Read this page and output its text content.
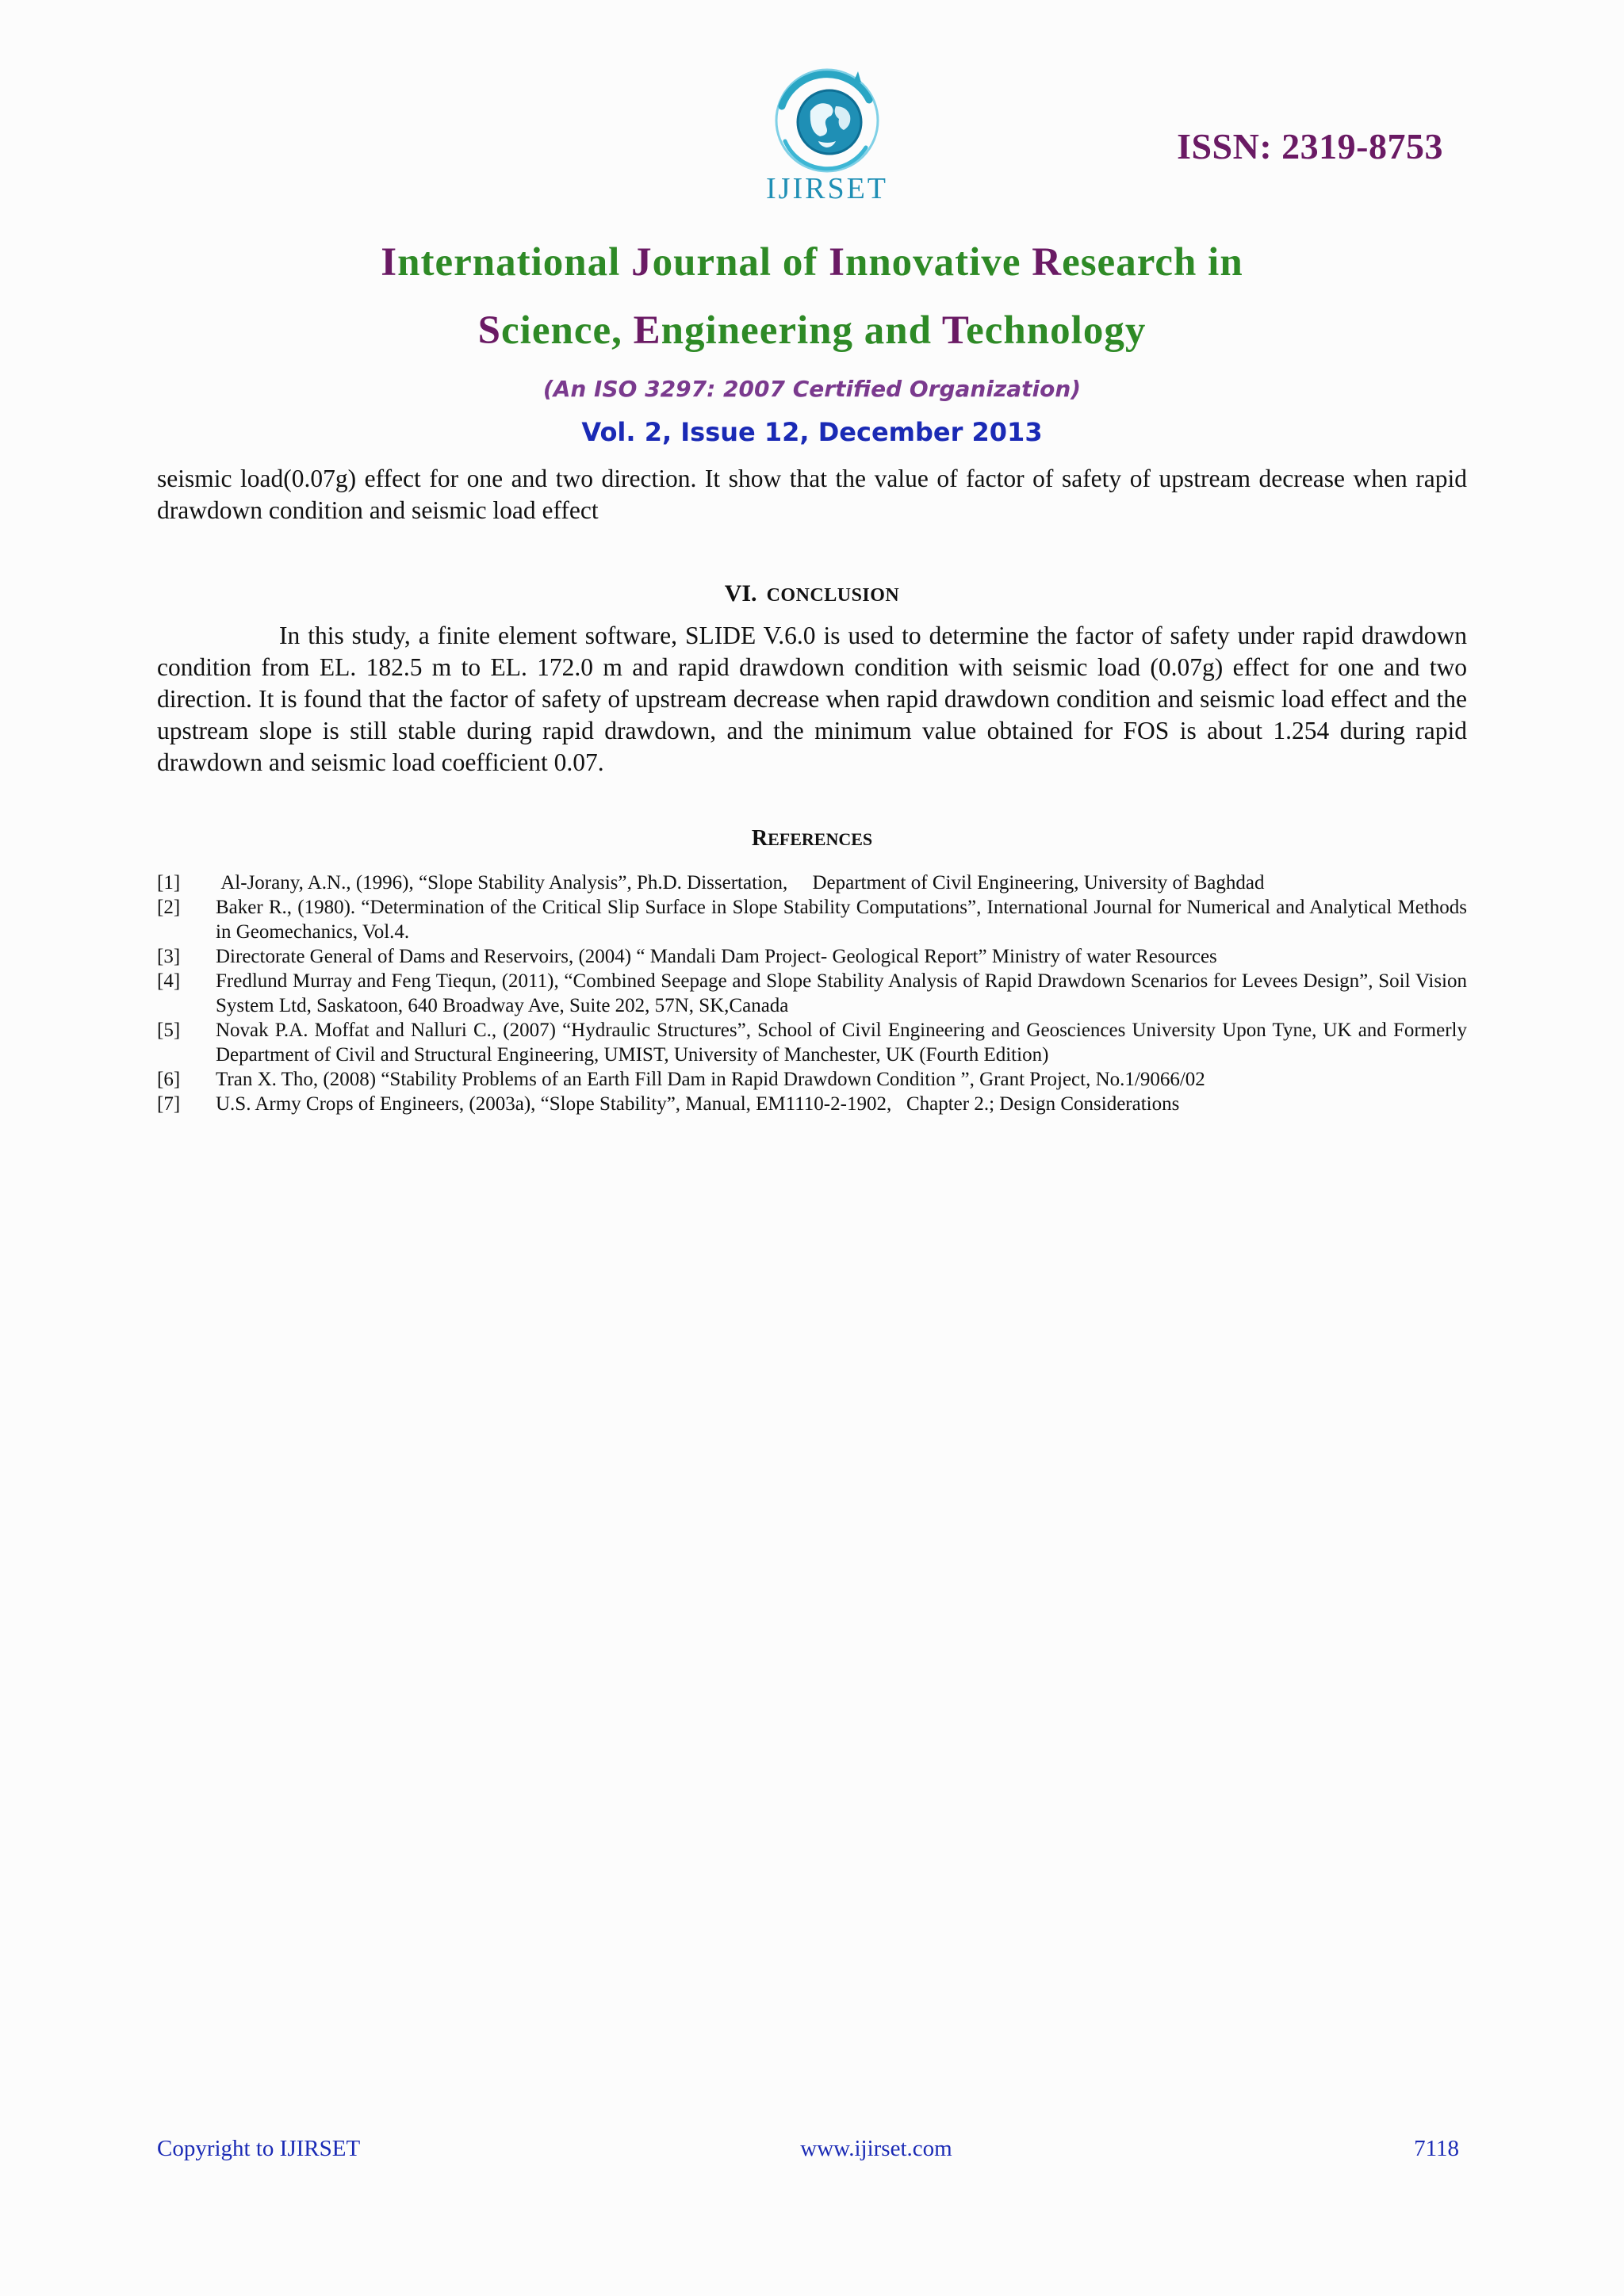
IJIRSET
ISSN: 2319-8753
International Journal of Innovative Research in
Science, Engineering and Technology
(An ISO 3297: 2007 Certified Organization)
Vol. 2, Issue 12, December 2013
seismic load(0.07g) effect for one and two direction. It show that the value of factor of safety of upstream decrease when rapid drawdown condition and seismic load effect
VI. CONCLUSION
In this study, a finite element software, SLIDE V.6.0 is used to determine the factor of safety under rapid drawdown condition from EL. 182.5 m to EL. 172.0 m and rapid drawdown condition with seismic load (0.07g) effect for one and two direction. It is found that the factor of safety of upstream decrease when rapid drawdown condition and seismic load effect and the upstream slope is still stable during rapid drawdown, and the minimum value obtained for FOS is about 1.254 during rapid drawdown and seismic load coefficient 0.07.
REFERENCES
[1]	Al-Jorany, A.N., (1996), “Slope Stability Analysis”, Ph.D. Dissertation,     Department of Civil Engineering, University of Baghdad
[2]	Baker R., (1980). “Determination of the Critical Slip Surface in Slope Stability Computations”, International Journal for Numerical and Analytical Methods in Geomechanics, Vol.4.
[3]	Directorate General of Dams and Reservoirs, (2004) “ Mandali Dam Project- Geological Report” Ministry of water Resources
[4]	Fredlund Murray and Feng Tiequn, (2011), “Combined Seepage and Slope Stability Analysis of Rapid Drawdown Scenarios for Levees Design”, Soil Vision System Ltd, Saskatoon, 640 Broadway Ave, Suite 202, 57N, SK,Canada
[5]	Novak P.A. Moffat and Nalluri C., (2007) “Hydraulic Structures”, School of Civil Engineering and Geosciences University Upon Tyne, UK and Formerly Department of Civil and Structural Engineering, UMIST, University of Manchester, UK (Fourth Edition)
[6]	Tran X. Tho, (2008) “Stability Problems of an Earth Fill Dam in Rapid Drawdown Condition ”, Grant Project, No.1/9066/02
[7]	U.S. Army Crops of Engineers, (2003a), “Slope Stability”, Manual, EM1110-2-1902,   Chapter 2.; Design Considerations
Copyright to IJIRSET	www.ijirset.com	7118
